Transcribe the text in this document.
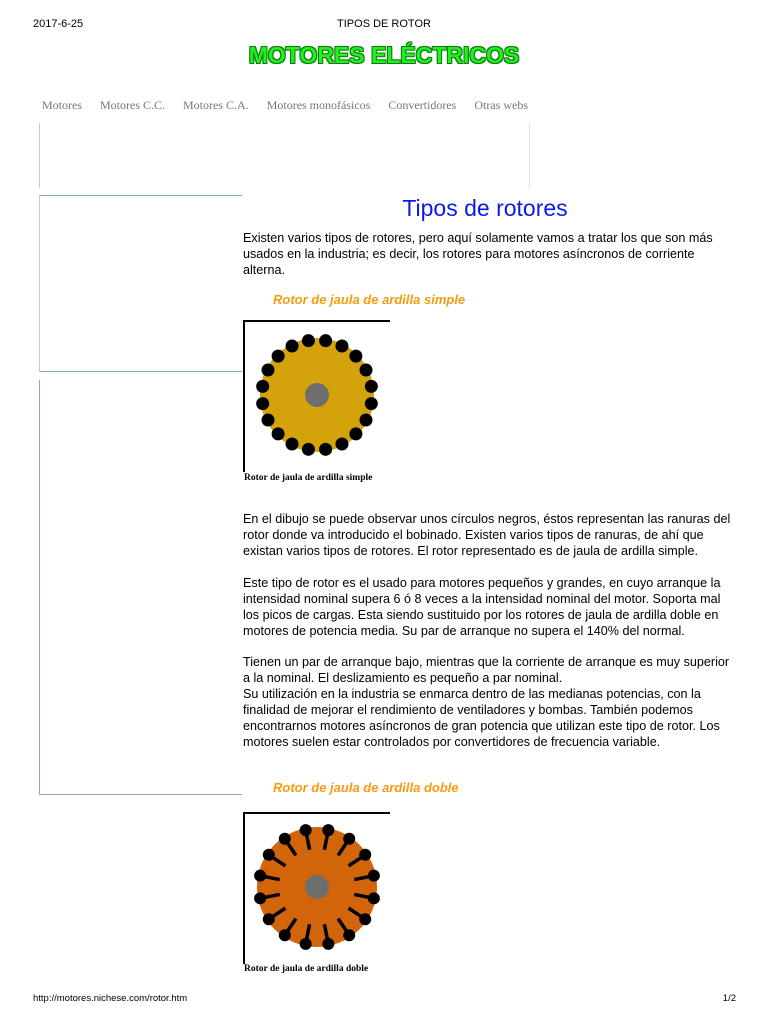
2017-6-25	TIPOS DE ROTOR
MOTORES ELÉCTRICOS
Motores Motores C.C. Motores C.A. Motores monofásicos Convertidores Otras webs
Tipos de rotores

Existen varios tipos de rotores, pero aquí solamente vamos a tratar los que son más usados en la industria; es decir, los rotores para motores asíncronos de corriente alterna.

Rotor de jaula de ardilla simple
Rotor de jaula de ardilla simple

En el dibujo se puede observar unos círculos negros, éstos representan las ranuras del rotor donde va introducido el bobinado. Existen varios tipos de ranuras, de ahí que existan varios tipos de rotores. El rotor representado es de jaula de ardilla simple.

Este tipo de rotor es el usado para motores pequeños y grandes, en cuyo arranque la intensidad nominal supera 6 ó 8 veces a la intensidad nominal del motor. Soporta mal los picos de cargas. Esta siendo sustituido por los rotores de jaula de ardilla doble en motores de potencia media. Su par de arranque no supera el 140% del normal.

Tienen un par de arranque bajo, mientras que la corriente de arranque es muy superior a la nominal. El deslizamiento es pequeño a par nominal.

Su utilización en la industria se enmarca dentro de las medianas potencias, con la finalidad de mejorar el rendimiento de ventiladores y bombas. También podemos encontrarnos motores asíncronos de gran potencia que utilizan este tipo de rotor. Los motores suelen estar controlados por convertidores de frecuencia variable.

Rotor de jaula de ardilla doble
Rotor de jaula de ardilla doble
http://motores.nichese.com/rotor.htm	1/2
